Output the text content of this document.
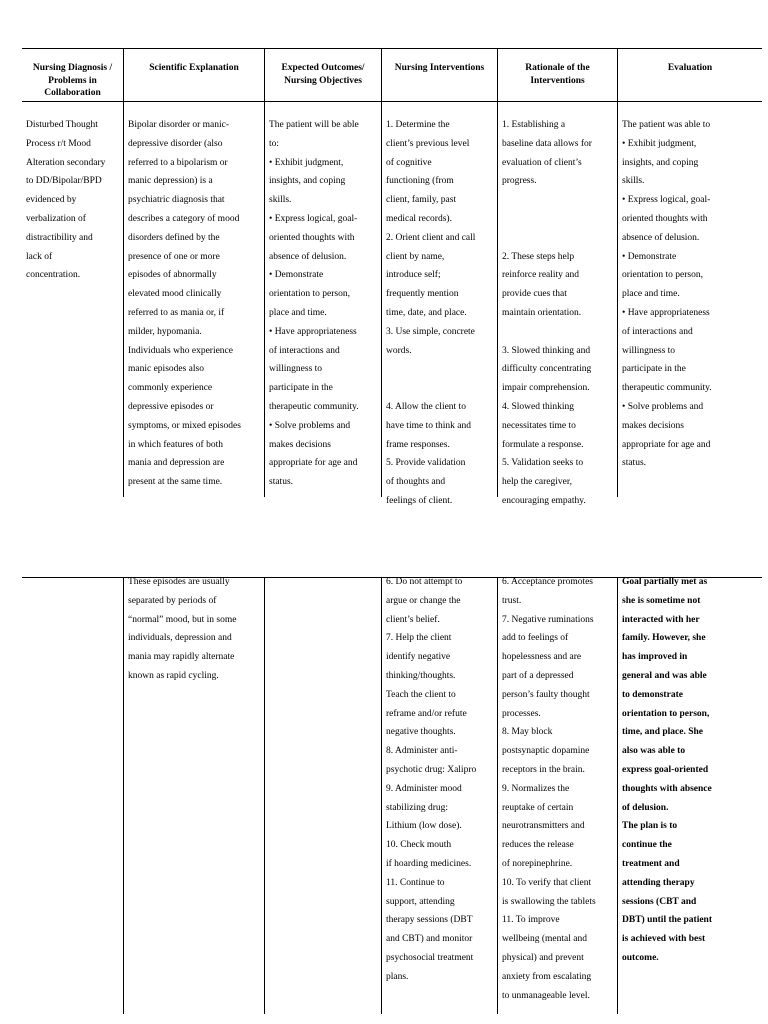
Nursing Diagnosis /
Problems in
Collaboration
Scientific Explanation	Expected Outcomes/
Nursing Objectives
Nursing Interventions	Rationale of the
Interventions
Evaluation
Disturbed Thought
Process r/t Mood
Alteration secondary
to DD/Bipolar/BPD
evidenced by
verbalization of
distractibility and
lack of
concentration.
Bipolar disorder or manic-
depressive disorder (also
referred to a bipolarism or
manic depression) is a
psychiatric diagnosis that
describes a category of mood
disorders defined by the
presence of one or more
episodes of abnormally
elevated mood clinically
referred to as mania or, if
milder, hypomania.
Individuals who experience
manic episodes also
commonly experience
depressive episodes or
symptoms, or mixed episodes
in which features of both
mania and depression are
present at the same time.
The patient will be able
to:
• Exhibit judgment,
insights, and coping
skills.
• Express logical, goal-
oriented thoughts with
absence of delusion.
• Demonstrate
orientation to person,
place and time.
• Have appropriateness
of interactions and
willingness to
participate in the
therapeutic community.
• Solve problems and
makes decisions
appropriate for age and
status.
1. Determine the
client’s previous level
of cognitive
functioning (from
client, family, past
medical records).
2. Orient client and call
client by name,
introduce self;
frequently mention
time, date, and place.
3. Use simple, concrete
words.

4. Allow the client to
have time to think and
frame responses.
5. Provide validation
of thoughts and
feelings of client.
1. Establishing a
baseline data allows for
evaluation of client’s
progress.

2. These steps help
reinforce reality and
provide cues that
maintain orientation.

3. Slowed thinking and
difficulty concentrating
impair comprehension.
4. Slowed thinking
necessitates time to
formulate a response.
5. Validation seeks to
help the caregiver,
encouraging empathy.
The patient was able to
• Exhibit judgment,
insights, and coping
skills.
• Express logical, goal-
oriented thoughts with
absence of delusion.
• Demonstrate
orientation to person,
place and time.
• Have appropriateness
of interactions and
willingness to
participate in the
therapeutic community.
• Solve problems and
makes decisions
appropriate for age and
status.
These episodes are usually
separated by periods of
“normal” mood, but in some
individuals, depression and
mania may rapidly alternate
known as rapid cycling.
6. Do not attempt to
argue or change the
client’s belief.
7. Help the client
identify negative
thinking/thoughts.
Teach the client to
reframe and/or refute
negative thoughts.
8. Administer anti-
psychotic drug: Xalipro
9. Administer mood
stabilizing drug:
Lithium (low dose).
10. Check mouth
if hoarding medicines.
11. Continue to
support, attending
therapy sessions (DBT
and CBT) and monitor
psychosocial treatment
plans.
6. Acceptance promotes
trust.
7. Negative ruminations
add to feelings of
hopelessness and are
part of a depressed
person’s faulty thought
processes.
8. May block
postsynaptic dopamine
receptors in the brain.
9. Normalizes the
reuptake of certain
neurotransmitters and
reduces the release
of norepinephrine.
10. To verify that client
is swallowing the tablets
11. To improve
wellbeing (mental and
physical) and prevent
anxiety from escalating
to unmanageable level.
Goal partially met as
she is sometime not
interacted with her
family. However, she
has improved in
general and was able
to demonstrate
orientation to person,
time, and place. She
also was able to
express goal-oriented
thoughts with absence
of delusion.
The plan is to
continue the
treatment and
attending therapy
sessions (CBT and
DBT) until the patient
is achieved with best
outcome.
